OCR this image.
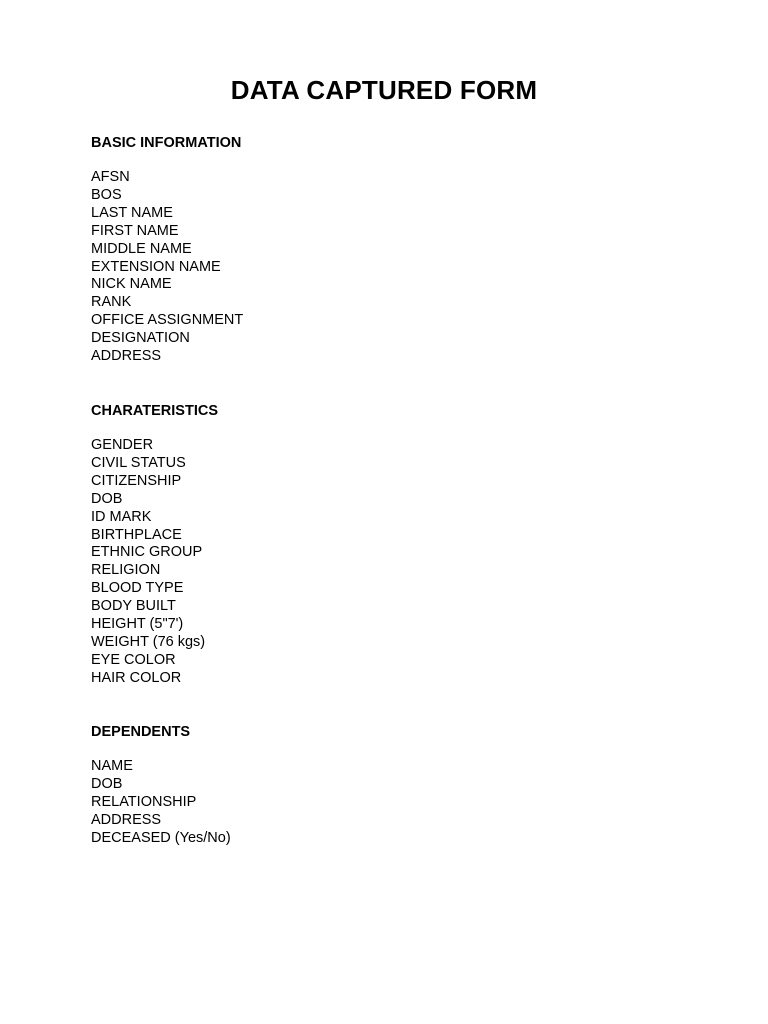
DATA CAPTURED FORM
BASIC INFORMATION
AFSN
BOS
LAST NAME
FIRST NAME
MIDDLE NAME
EXTENSION NAME
NICK NAME
RANK
OFFICE ASSIGNMENT
DESIGNATION
ADDRESS
CHARATERISTICS
GENDER
CIVIL STATUS
CITIZENSHIP
DOB
ID MARK
BIRTHPLACE
ETHNIC GROUP
RELIGION
BLOOD TYPE
BODY BUILT
HEIGHT (5"7')
WEIGHT (76 kgs)
EYE COLOR
HAIR COLOR
DEPENDENTS
NAME
DOB
RELATIONSHIP
ADDRESS
DECEASED (Yes/No)
